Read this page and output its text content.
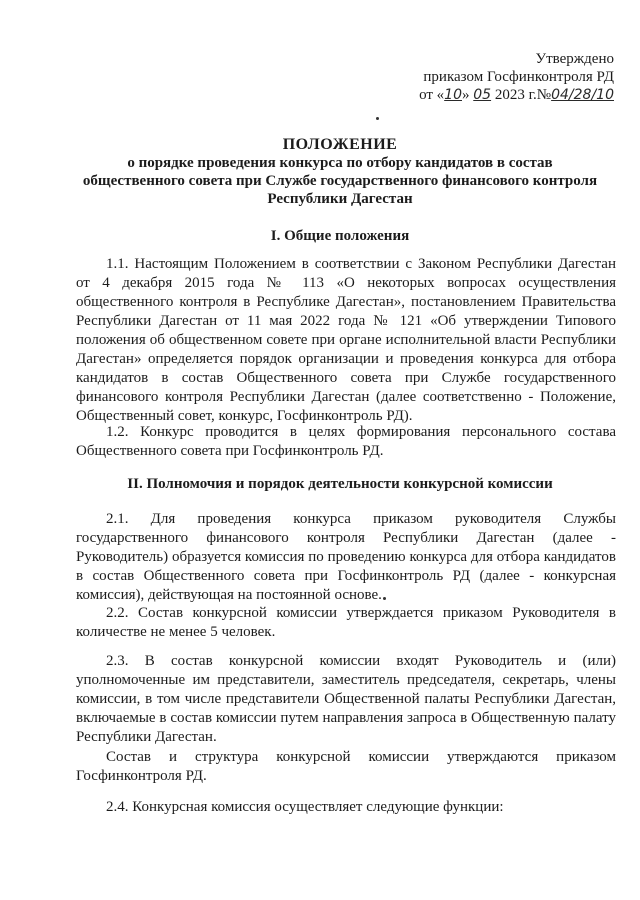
Утверждено
приказом Госфинконтроля РД
от «10» 05 2023 г.№04/28/10
ПОЛОЖЕНИЕ
о порядке проведения конкурса по отбору кандидатов в состав
общественного совета при Службе государственного финансового контроля
Республики Дагестан
I. Общие положения

1.1. Настоящим Положением в соответствии с Законом Республики Дагестан от 4 декабря 2015 года № 113 «О некоторых вопросах осуществления общественного контроля в Республике Дагестан», постановлением Правительства Республики Дагестан от 11 мая 2022 года № 121 «Об утверждении Типового положения об общественном совете при органе исполнительной власти Республики Дагестан» определяется порядок организации и проведения конкурса для отбора кандидатов в состав Общественного совета при Службе государственного финансового контроля Республики Дагестан (далее соответственно - Положение, Общественный совет, конкурс, Госфинконтроль РД).

1.2. Конкурс проводится в целях формирования персонального состава Общественного совета при Госфинконтроль РД.

II. Полномочия и порядок деятельности конкурсной комиссии

2.1. Для проведения конкурса приказом руководителя Службы государственного финансового контроля Республики Дагестан (далее - Руководитель) образуется комиссия по проведению конкурса для отбора кандидатов в состав Общественного совета при Госфинконтроль РД (далее - конкурсная комиссия), действующая на постоянной основе.

2.2. Состав конкурсной комиссии утверждается приказом Руководителя в количестве не менее 5 человек.

2.3. В состав конкурсной комиссии входят Руководитель и (или) уполномоченные им представители, заместитель председателя, секретарь, члены комиссии, в том числе представители Общественной палаты Республики Дагестан, включаемые в состав комиссии путем направления запроса в Общественную палату Республики Дагестан.

Состав и структура конкурсной комиссии утверждаются приказом Госфинконтроля РД.

2.4. Конкурсная комиссия осуществляет следующие функции:
